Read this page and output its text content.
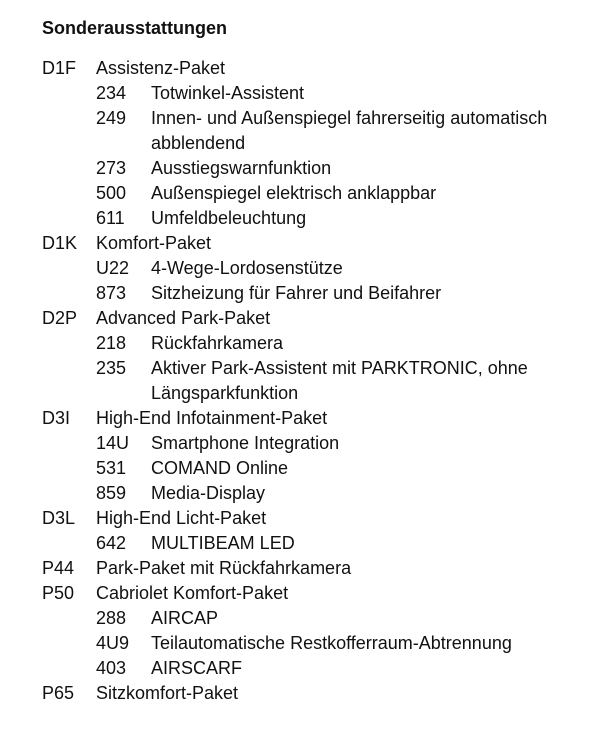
Sonderausstattungen
D1F Assistenz-Paket
234 Totwinkel-Assistent
249 Innen- und Außenspiegel fahrerseitig automatisch abblendend
273 Ausstiegswarnfunktion
500 Außenspiegel elektrisch anklappbar
611 Umfeldbeleuchtung
D1K Komfort-Paket
U22 4-Wege-Lordosenstütze
873 Sitzheizung für Fahrer und Beifahrer
D2P Advanced Park-Paket
218 Rückfahrkamera
235 Aktiver Park-Assistent mit PARKTRONIC, ohne Längsparkfunktion
D3I High-End Infotainment-Paket
14U Smartphone Integration
531 COMAND Online
859 Media-Display
D3L High-End Licht-Paket
642 MULTIBEAM LED
P44 Park-Paket mit Rückfahrkamera
P50 Cabriolet Komfort-Paket
288 AIRCAP
4U9 Teilautomatische Restkofferraum-Abtrennung
403 AIRSCARF
P65 Sitzkomfort-Paket
